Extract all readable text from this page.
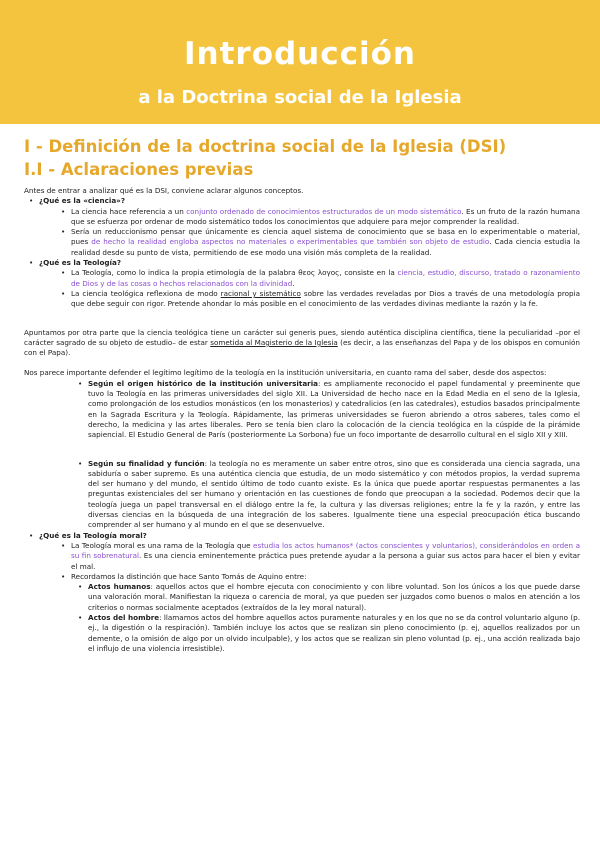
Introducción
a la Doctrina social de la Iglesia
I - Definición de la doctrina social de la Iglesia (DSI)
I.I - Aclaraciones previas

Antes de entrar a analizar qué es la DSI, conviene aclarar algunos conceptos.

• ¿Qué es la «ciencia»?
• La ciencia hace referencia a un conjunto ordenado de conocimientos estructurados de un modo sistemático. Es un fruto de la razón humana que se esfuerza por ordenar de modo sistemático todos los conocimientos que adquiere para mejor comprender la realidad.
• Sería un reduccionismo pensar que únicamente es ciencia aquel sistema de conocimiento que se basa en lo experimentable o material, pues de hecho la realidad engloba aspectos no materiales o experimentables que también son objeto de estudio. Cada ciencia estudia la realidad desde su punto de vista, permitiendo de ese modo una visión más completa de la realidad.
• ¿Qué es la Teología?
• La Teología, como lo indica la propia etimología de la palabra θεος λογος, consiste en la ciencia, estudio, discurso, tratado o razonamiento de Dios y de las cosas o hechos relacionados con la divinidad.
• La ciencia teológica reflexiona de modo racional y sistemático sobre las verdades reveladas por Dios a través de una metodología propia que debe seguir con rigor. Pretende ahondar lo más posible en el conocimiento de las verdades divinas mediante la razón y la fe.

Apuntamos por otra parte que la ciencia teológica tiene un carácter sui generis pues, siendo auténtica disciplina científica, tiene la peculiaridad –por el carácter sagrado de su objeto de estudio– de estar sometida al Magisterio de la Iglesia (es decir, a las enseñanzas del Papa y de los obispos en comunión con el Papa).

Nos parece importante defender el legítimo legítimo de la teología en la institución universitaria, en cuanto rama del saber, desde dos aspectos:

• Según el origen histórico de la institución universitaria: es ampliamente reconocido el papel fundamental y preeminente que tuvo la Teología en las primeras universidades del siglo XII. La Universidad de hecho nace en la Edad Media en el seno de la Iglesia, como prolongación de los estudios monásticos (en los monasterios) y catedralicios (en las catedrales), estudios basados principalmente en la Sagrada Escritura y la Teología. Rápidamente, las primeras universidades se fueron abriendo a otros saberes, tales como el derecho, la medicina y las artes liberales. Pero se tenía bien claro la colocación de la ciencia teológica en la cúspide de la pirámide sapiencial. El Estudio General de París (posteriormente La Sorbona) fue un foco importante de desarrollo cultural en el siglo XII y XIII.
• Según su finalidad y función: la teología no es meramente un saber entre otros, sino que es considerada una ciencia sagrada, una sabiduría o saber supremo. Es una auténtica ciencia que estudia, de un modo sistemático y con métodos propios, la verdad suprema del ser humano y del mundo, el sentido último de todo cuanto existe. Es la única que puede aportar respuestas permanentes a las preguntas existenciales del ser humano y orientación en las cuestiones de fondo que preocupan a la sociedad. Podemos decir que la teología juega un papel transversal en el diálogo entre la fe, la cultura y las diversas religiones; entre la fe y la razón, y entre las diversas ciencias en la búsqueda de una integración de los saberes. Igualmente tiene una especial preocupación ética buscando comprender al ser humano y al mundo en el que se desenvuelve.
• ¿Qué es la Teología moral?
• La Teología moral es una rama de la Teología que estudia los actos humanos* (actos conscientes y voluntarios), considerándolos en orden a su fin sobrenatural. Es una ciencia eminentemente práctica pues pretende ayudar a la persona a guiar sus actos para hacer el bien y evitar el mal.
• Recordamos la distinción que hace Santo Tomás de Aquino entre:
• Actos humanos: aquellos actos que el hombre ejecuta con conocimiento y con libre voluntad. Son los únicos a los que puede darse una valoración moral. Manifiestan la riqueza o carencia de moral, ya que pueden ser juzgados como buenos o malos en atención a los criterios o normas socialmente aceptados (extraídos de la ley moral natural).
• Actos del hombre: llamamos actos del hombre aquellos actos puramente naturales y en los que no se da control voluntario alguno (p. ej., la digestión o la respiración). También incluye los actos que se realizan sin pleno conocimiento (p. ej, aquellos realizados por un demente, o la omisión de algo por un olvido inculpable), y los actos que se realizan sin pleno voluntad (p. ej., una acción realizada bajo el influjo de una violencia irresistible).
